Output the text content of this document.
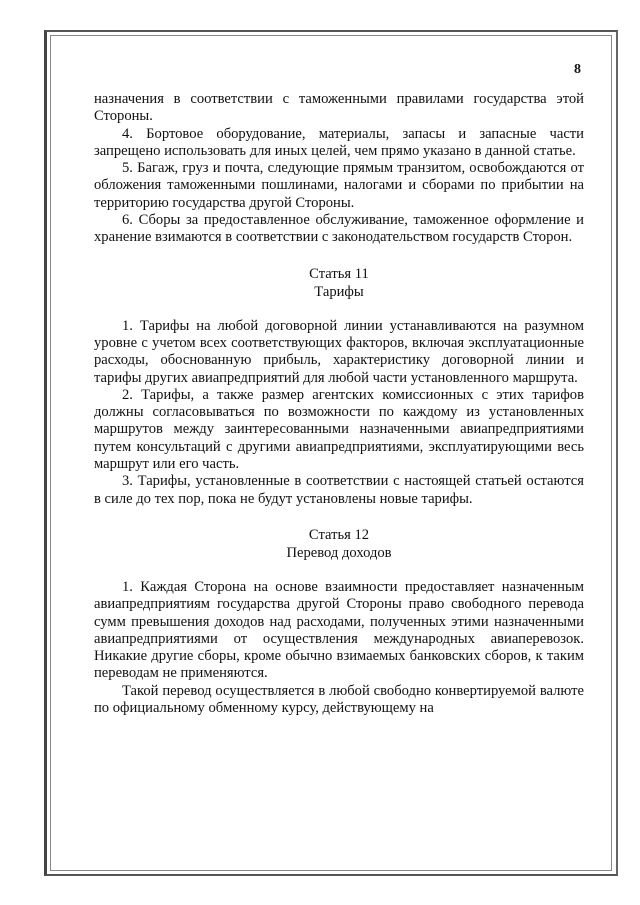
8

назначения в соответствии с таможенными правилами государства этой Стороны.

4. Бортовое оборудование, материалы, запасы и запасные части запрещено использовать для иных целей, чем прямо указано в данной статье.

5. Багаж, груз и почта, следующие прямым транзитом, освобождаются от обложения таможенными пошлинами, налогами и сборами по прибытии на территорию государства другой Стороны.

6. Сборы за предоставленное обслуживание, таможенное оформление и хранение взимаются в соответствии с законодательством государств Сторон.

Статья 11

Тарифы

1. Тарифы на любой договорной линии устанавливаются на разумном уровне с учетом всех соответствующих факторов, включая эксплуатационные расходы, обоснованную прибыль, характеристику договорной линии и тарифы других авиапредприятий для любой части установленного маршрута.

2. Тарифы, а также размер агентских комиссионных с этих тарифов должны согласовываться по возможности по каждому из установленных маршрутов между заинтересованными назначенными авиапредприятиями путем консультаций с другими авиапредприятиями, эксплуатирующими весь маршрут или его часть.

3. Тарифы, установленные в соответствии с настоящей статьей остаются в силе до тех пор, пока не будут установлены новые тарифы.

Статья 12

Перевод доходов

1. Каждая Сторона на основе взаимности предоставляет назначенным авиапредприятиям государства другой Стороны право свободного перевода сумм превышения доходов над расходами, полученных этими назначенными авиапредприятиями от осуществления международных авиаперевозок. Никакие другие сборы, кроме обычно взимаемых банковских сборов, к таким переводам не применяются.

Такой перевод осуществляется в любой свободно конвертируемой валюте по официальному обменному курсу, действующему на
